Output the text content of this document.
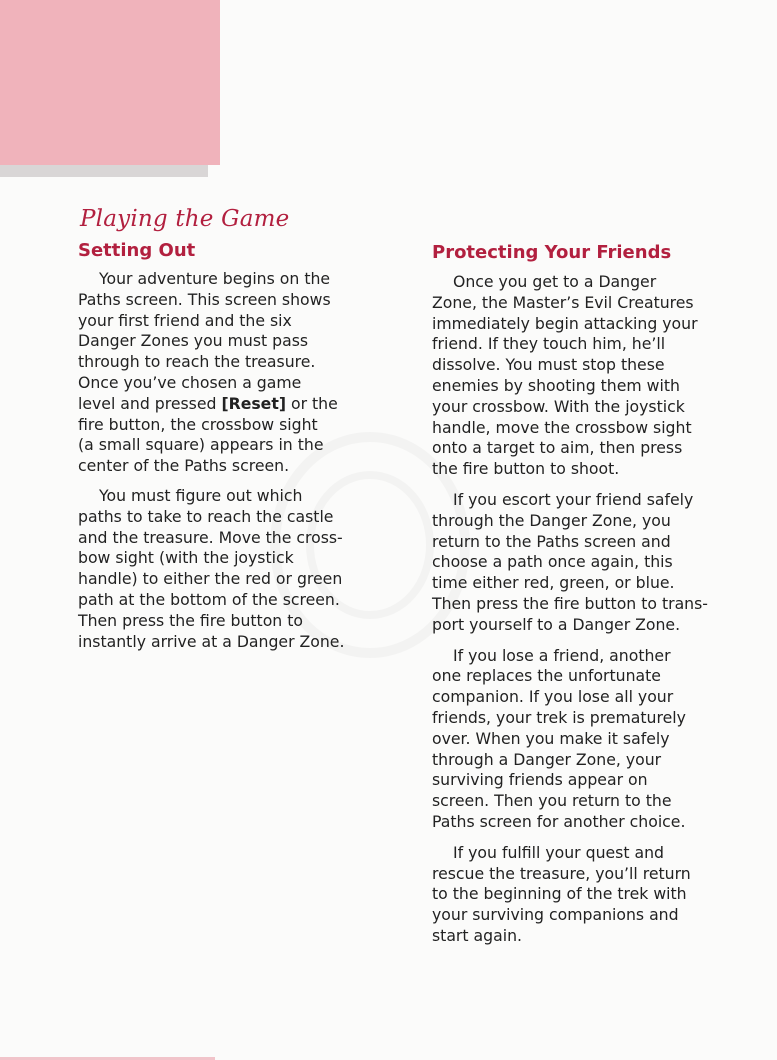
Playing the Game
Setting Out

Your adventure begins on the
Paths screen. This screen shows
your first friend and the six
Danger Zones you must pass
through to reach the treasure.
Once you’ve chosen a game
level and pressed [Reset] or the
fire button, the crossbow sight
(a small square) appears in the
center of the Paths screen.

You must figure out which
paths to take to reach the castle
and the treasure. Move the cross-
bow sight (with the joystick
handle) to either the red or green
path at the bottom of the screen.
Then press the fire button to
instantly arrive at a Danger Zone.

Protecting Your Friends

Once you get to a Danger
Zone, the Master’s Evil Creatures
immediately begin attacking your
friend. If they touch him, he’ll
dissolve. You must stop these
enemies by shooting them with
your crossbow. With the joystick
handle, move the crossbow sight
onto a target to aim, then press
the fire button to shoot.

If you escort your friend safely
through the Danger Zone, you
return to the Paths screen and
choose a path once again, this
time either red, green, or blue.
Then press the fire button to trans-
port yourself to a Danger Zone.

If you lose a friend, another
one replaces the unfortunate
companion. If you lose all your
friends, your trek is prematurely
over. When you make it safely
through a Danger Zone, your
surviving friends appear on
screen. Then you return to the
Paths screen for another choice.

If you fulfill your quest and
rescue the treasure, you’ll return
to the beginning of the trek with
your surviving companions and
start again.
